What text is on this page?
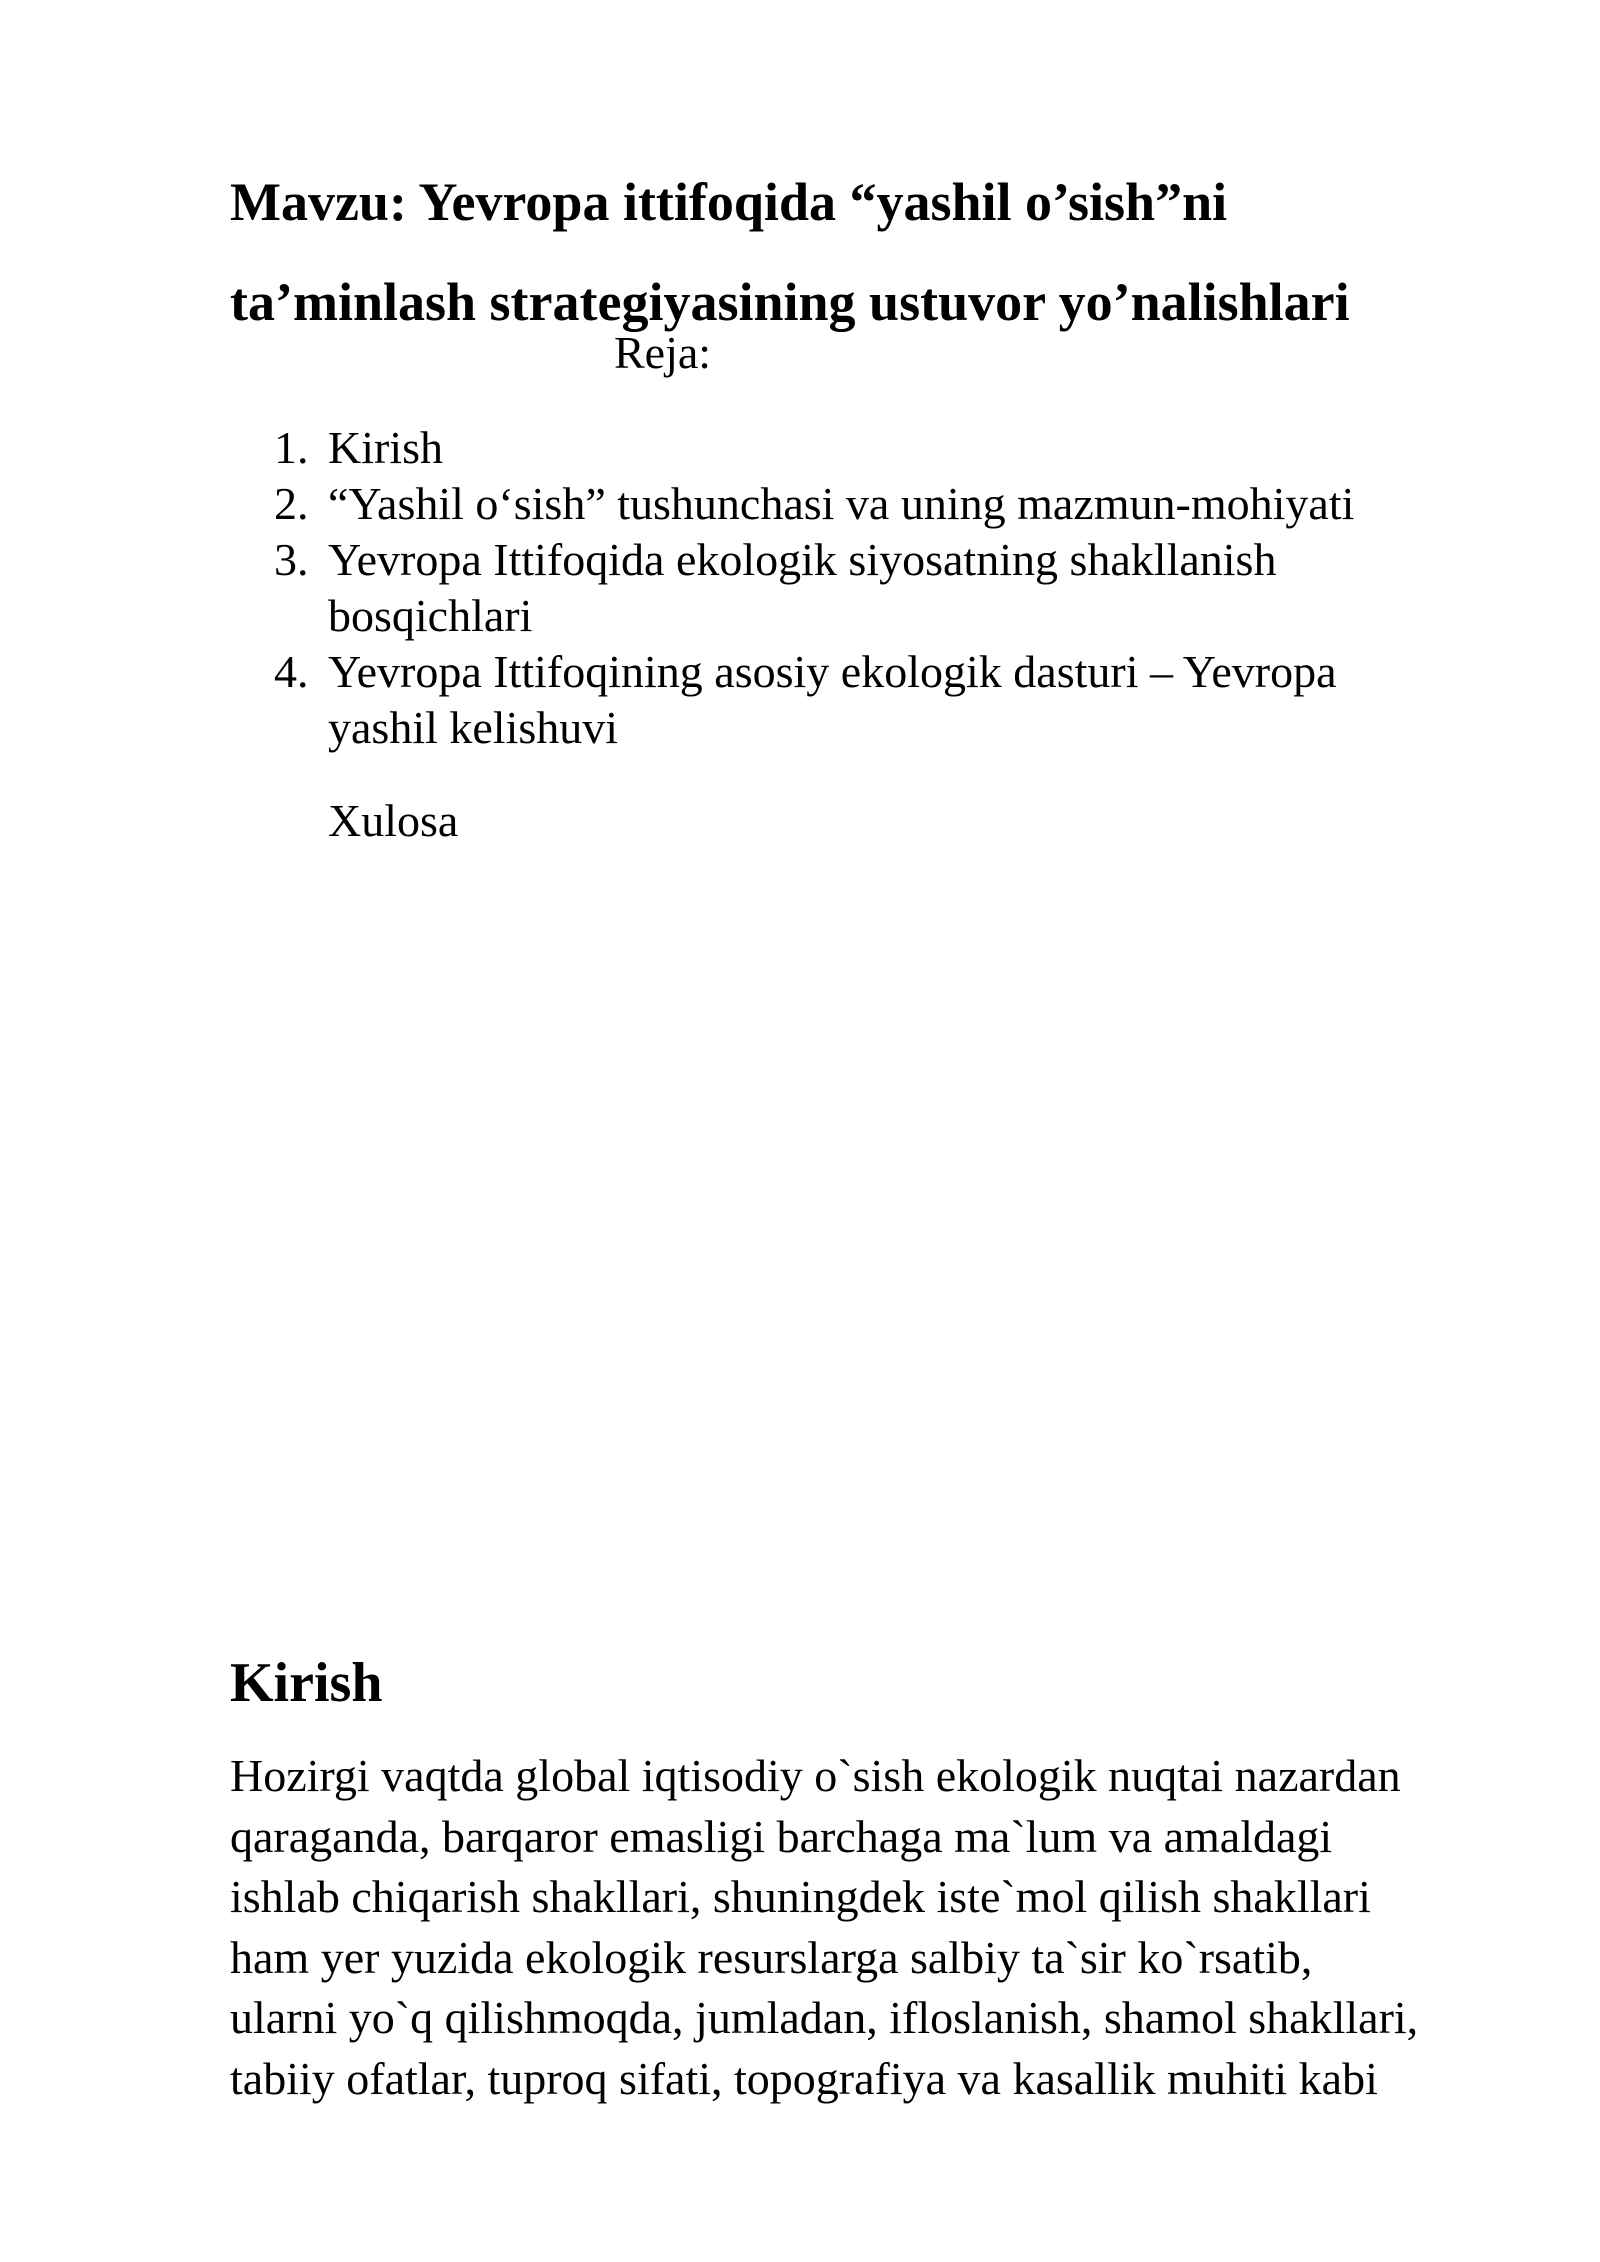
Mavzu: Yevropa ittifoqida “yashil o’sish”ni
ta’minlash strategiyasining ustuvor yo’nalishlari

Reja:

1. Kirish
2. “Yashil o‘sish” tushunchasi va uning mazmun-mohiyati
3. Yevropa Ittifoqida ekologik siyosatning shakllanish
bosqichlari
4. Yevropa Ittifoqining asosiy ekologik dasturi – Yevropa
yashil kelishuvi

Xulosa

Kirish

Hozirgi vaqtda global iqtisodiy o`sish ekologik nuqtai nazardan
qaraganda, barqaror emasligi barchaga ma`lum va amaldagi
ishlab chiqarish shakllari, shuningdek iste`mol qilish shakllari
ham yer yuzida ekologik resurslarga salbiy ta`sir ko`rsatib,
ularni yo`q qilishmoqda, jumladan, ifloslanish, shamol shakllari,
tabiiy ofatlar, tuproq sifati, topografiya va kasallik muhiti kabi
